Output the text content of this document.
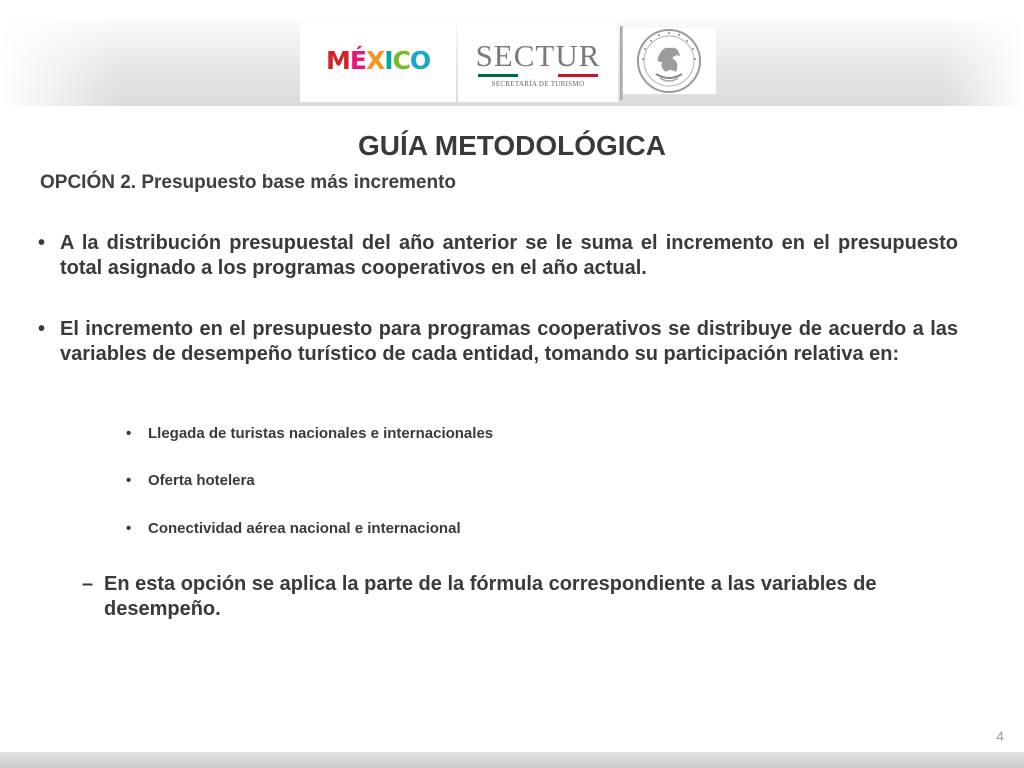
MÉXICO SECTUR
SECRETARÍA DE TURISMO
GUÍA METODOLÓGICA

OPCIÓN 2. Presupuesto base más incremento

• A la distribución presupuestal del año anterior se le suma el incremento en el presupuesto total asignado a los programas cooperativos en el año actual.
• El incremento en el presupuesto para programas cooperativos se distribuye de acuerdo a las variables de desempeño turístico de cada entidad, tomando su participación relativa en:
• Llegada de turistas nacionales e internacionales
• Oferta hotelera
• Conectividad aérea nacional e internacional
– En esta opción se aplica la parte de la fórmula correspondiente a las variables de desempeño.
4
